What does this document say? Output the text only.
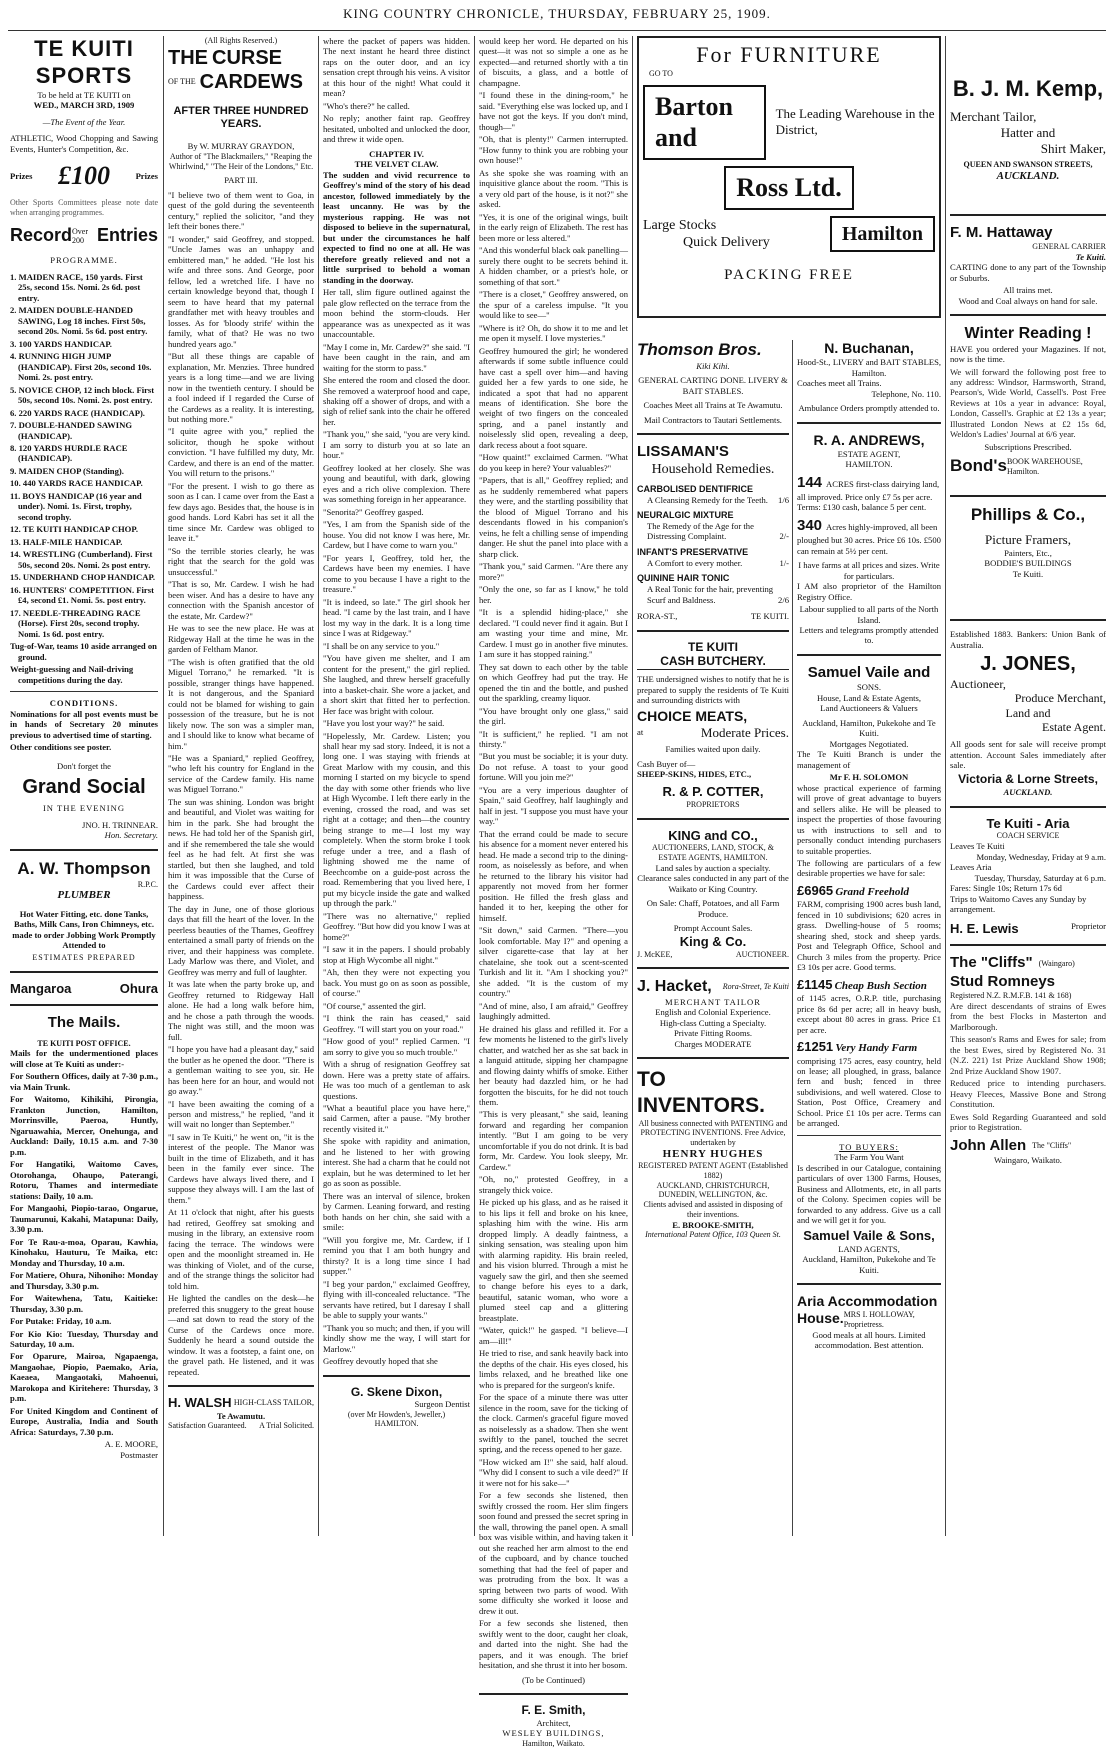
KING COUNTRY CHRONICLE, THURSDAY, FEBRUARY 25, 1909.
TE KUITI SPORTS
To be held at TE KUITI on
WED., MARCH 3RD, 1909
—The Event of the Year.

ATHLETIC, Wood Chopping and Sawing Events, Hunter's Competition, &c.

Prizes £100	Prizes

Other Sports Committees please note date when arranging programmes.

Record Over 200 Entries
PROGRAMME.

1. MAIDEN RACE, 150 yards. First 25s, second 15s. Nomi. 2s 6d. post entry.

2. MAIDEN DOUBLE-HANDED SAWING, Log 18 inches. First 50s, second 20s. Nomi. 5s 6d. post entry.

3. 100 YARDS HANDICAP.

4. RUNNING HIGH JUMP (HANDICAP). First 20s, second 10s. Nomi. 2s. post entry.

5. NOVICE CHOP, 12 inch block. First 50s, second 10s. Nomi. 2s. post entry.

6. 220 YARDS RACE (HANDICAP).

7. DOUBLE-HANDED SAWING (HANDICAP).

8. 120 YARDS HURDLE RACE (HANDICAP).

9. MAIDEN CHOP (Standing).

10. 440 YARDS RACE HANDICAP.

11. BOYS HANDICAP (16 year and under). Nomi. 1s. First, trophy, second trophy.

12. TE KUITI HANDICAP CHOP.

13. HALF-MILE HANDICAP.

14. WRESTLING (Cumberland). First 50s, second 20s. Nomi. 2s post entry.

15. UNDERHAND CHOP HANDICAP.

16. HUNTERS' COMPETITION. First £4, second £1. Nomi. 5s. post entry.

17. NEEDLE-THREADING RACE (Horse). First 20s, second trophy. Nomi. 1s 6d. post entry.

Tug-of-War, teams 10 aside arranged on ground.

Weight-guessing and Nail-driving competitions during the day.

CONDITIONS.

Nominations for all post events must be in hands of Secretary 20 minutes previous to advertised time of starting.

Other conditions see poster.

Don't forget the
Grand Social
IN THE EVENING
JNO. H. TRINNEAR.
Hon. Secretary.
A. W. Thompson
R.P.C.
PLUMBER

Hot Water Fitting, etc. done Tanks, Baths, Milk Cans, Iron Chimneys, etc. made to order Jobbing Work Promptly Attended to

ESTIMATES PREPARED
Mangaroa	Ohura
The Mails.
TE KUITI POST OFFICE.

Mails for the undermentioned places will close at Te Kuiti as under:-

For Southern Offices, daily at 7-30 p.m., via Main Trunk.

For Waitomo, Kihikihi, Pirongia, Frankton Junction, Hamilton, Morrinsville, Paeroa, Huntly, Ngaruawahia, Mercer, Onehunga, and Auckland: Daily, 10.15 a.m. and 7-30 p.m.

For Hangatiki, Waitomo Caves, Otorohanga, Ohaupo, Paterangi, Rotoru, Thames and intermediate stations: Daily, 10 a.m.

For Mangaohi, Piopio-tarao, Ongarue, Taumarunui, Kakahi, Matapuna: Daily, 3.30 p.m.

For Te Rau-a-moa, Oparau, Kawhia, Kinohaku, Hauturu, Te Maika, etc: Monday and Thursday, 10 a.m.

For Matiere, Ohura, Nihoniho: Monday and Thursday, 3.30 p.m.

For Waitewhena, Tatu, Kaitieke: Thursday, 3.30 p.m.

For Putake: Friday, 10 a.m.

For Kio Kio: Tuesday, Thursday and Saturday, 10 a.m.

For Oparure, Mairoa, Ngapaenga, Mangaohae, Piopio, Paemako, Aria, Kaeaea, Mangaotaki, Mahoenui, Marokopa and Kiritehere: Thursday, 3 p.m.

For United Kingdom and Continent of Europe, Australia, India and South Africa: Saturdays, 7.30 p.m.

A. E. MOORE,
Postmaster
(All Rights Reserved.)
THE CURSE
OF THE CARDEWS
AFTER THREE HUNDRED YEARS.
By W. MURRAY GRAYDON,
Author of "The Blackmailers," "Reaping the Whirlwind," "The Heir of the Londons," Etc.
PART III.

"I believe two of them went to Goa, in quest of the gold during the seventeenth century," replied the solicitor, "and they left their bones there."

"I wonder," said Geoffrey, and stopped. "Uncle James was an unhappy and embittered man," he added. "He lost his wife and three sons. And George, poor fellow, led a wretched life. I have no certain knowledge beyond that, though I seem to have heard that my paternal grandfather met with heavy troubles and losses. As for 'bloody strife' within the family, what of that? He was no two hundred years ago."

"But all these things are capable of explanation, Mr. Menzies. Three hundred years is a long time—and we are living now in the twentieth century. I should be a fool indeed if I regarded the Curse of the Cardews as a reality. It is interesting, but nothing more."

"I quite agree with you," replied the solicitor, though he spoke without conviction. "I have fulfilled my duty, Mr. Cardew, and there is an end of the matter. You will return to the prisons."

"For the present. I wish to go there as soon as I can. I came over from the East a few days ago. Besides that, the house is in good hands. Lord Kabri has set it all the time since Mr. Cardew was obliged to leave it."

"So the terrible stories clearly, he was right that the search for the gold was unsuccessful."

"That is so, Mr. Cardew. I wish he had been wiser. And has a desire to have any connection with the Spanish ancestor of the estate, Mr. Cardew?"

He was to see the new place. He was at Ridgeway Hall at the time he was in the garden of Feltham Manor.

"The wish is often gratified that the old Miguel Torrano," he remarked. "It is possible, stranger things have happened. It is not dangerous, and the Spaniard could not be blamed for wishing to gain possession of the treasure, but he is not likely now. The son was a simpler man, and I should like to know what became of him."

"He was a Spaniard," replied Geoffrey, "who left his country for England in the service of the Cardew family. His name was Miguel Torrano."

The sun was shining. London was bright and beautiful, and Violet was waiting for him in the park. She had brought the news. He had told her of the Spanish girl, and if she remembered the tale she would feel as he had felt. At first she was startled, but then she laughed, and told him it was impossible that the Curse of the Cardews could ever affect their happiness.

The day in June, one of those glorious days that fill the heart of the lover. In the peerless beauties of the Thames, Geoffrey entertained a small party of friends on the river, and their happiness was complete. Lady Marlow was there, and Violet, and Geoffrey was merry and full of laughter.

It was late when the party broke up, and Geoffrey returned to Ridgeway Hall alone. He had a long walk before him, and he chose a path through the woods. The night was still, and the moon was full.

"I hope you have had a pleasant day," said the butler as he opened the door. "There is a gentleman waiting to see you, sir. He has been here for an hour, and would not go away."

"I have been awaiting the coming of a person and mistress," he replied, "and it will wait no longer than September."

"I saw in Te Kuiti," he went on, "it is the interest of the people. The Manor was built in the time of Elizabeth, and it has been in the family ever since. The Cardews have always lived there, and I suppose they always will. I am the last of them."

At 11 o'clock that night, after his guests had retired, Geoffrey sat smoking and musing in the library, an extensive room facing the terrace. The windows were open and the moonlight streamed in. He was thinking of Violet, and of the curse, and of the strange things the solicitor had told him.

He lighted the candles on the desk—he preferred this snuggery to the great house—and sat down to read the story of the Curse of the Cardews once more. Suddenly he heard a sound outside the window. It was a footstep, a faint one, on the gravel path. He listened, and it was repeated.

H. WALSH HIGH-CLASS TAILOR,
Te Awamutu.
Satisfaction Guaranteed. A Trial Solicited.

where the packet of papers was hidden. The next instant he heard three distinct raps on the outer door, and an icy sensation crept through his veins. A visitor at this hour of the night! What could it mean?

"Who's there?" he called.

No reply; another faint rap. Geoffrey hesitated, unbolted and unlocked the door, and threw it wide open.

CHAPTER IV.
THE VELVET CLAW.

The sudden and vivid recurrence to Geoffrey's mind of the story of his dead ancestor, followed immediately by the least uncanny. He was by the mysterious rapping. He was not disposed to believe in the supernatural, but under the circumstances he half expected to find no one at all. He was therefore greatly relieved and not a little surprised to behold a woman standing in the doorway.

Her tall, slim figure outlined against the pale glow reflected on the terrace from the moon behind the storm-clouds. Her appearance was as unexpected as it was unaccountable.

"May I come in, Mr. Cardew?" she said. "I have been caught in the rain, and am waiting for the storm to pass."

She entered the room and closed the door. She removed a waterproof hood and cape, shaking off a shower of drops, and with a sigh of relief sank into the chair he offered her.

"Thank you," she said, "you are very kind. I am sorry to disturb you at so late an hour."

Geoffrey looked at her closely. She was young and beautiful, with dark, glowing eyes and a rich olive complexion. There was something foreign in her appearance.

"Senorita?" Geoffrey gasped.

"Yes, I am from the Spanish side of the house. You did not know I was here, Mr. Cardew, but I have come to warn you."

"For years I, Geoffrey, told her, the Cardews have been my enemies. I have come to you because I have a right to the treasure."

"It is indeed, so late." The girl shook her head. "I came by the last train, and I have lost my way in the dark. It is a long time since I was at Ridgeway."

"I shall be on any service to you."

"You have given me shelter, and I am content for the present," the girl replied. She laughed, and threw herself gracefully into a basket-chair. She wore a jacket, and a short skirt that fitted her to perfection. Her face was bright with colour.

"Have you lost your way?" he said.

"Hopelessly, Mr. Cardew. Listen; you shall hear my sad story. Indeed, it is not a long one. I was staying with friends at Great Marlow with my cousin, and this morning I started on my bicycle to spend the day with some other friends who live at High Wycombe. I left there early in the evening, crossed the road, and was set right at a cottage; and then—the country being strange to me—I lost my way completely. When the storm broke I took refuge under a tree, and a flash of lightning showed me the name of Beechcombe on a guide-post across the road. Remembering that you lived here, I put my bicycle inside the gate and walked up through the park."

"There was no alternative," replied Geoffrey. "But how did you know I was at home?"

"I saw it in the papers. I should probably stop at High Wycombe all night."

"Ah, then they were not expecting you back. You must go on as soon as possible, of course."

"Of course," assented the girl.

"I think the rain has ceased," said Geoffrey. "I will start you on your road."

"How good of you!" replied Carmen. "I am sorry to give you so much trouble."

With a shrug of resignation Geoffrey sat down. Here was a pretty state of affairs. He was too much of a gentleman to ask questions.

"What a beautiful place you have here," said Carmen, after a pause. "My brother recently visited it."

She spoke with rapidity and animation, and he listened to her with growing interest. She had a charm that he could not explain, but he was determined to let her go as soon as possible.

There was an interval of silence, broken by Carmen. Leaning forward, and resting both hands on her chin, she said with a smile:

"Will you forgive me, Mr. Cardew, if I remind you that I am both hungry and thirsty? It is a long time since I had supper."

"I beg your pardon," exclaimed Geoffrey, flying with ill-concealed reluctance. "The servants have retired, but I daresay I shall be able to supply your wants."

"Thank you so much; and then, if you will kindly show me the way, I will start for Marlow."

Geoffrey devoutly hoped that she

G. Skene Dixon,
Surgeon Dentist
(over Mr Howden's, Jeweller,)
HAMILTON.

would keep her word. He departed on his quest—it was not so simple a one as he expected—and returned shortly with a tin of biscuits, a glass, and a bottle of champagne.

"I found these in the dining-room," he said. "Everything else was locked up, and I have not got the keys. If you don't mind, though—"

"Oh, that is plenty!" Carmen interrupted. "How funny to think you are robbing your own house!"

As she spoke she was roaming with an inquisitive glance about the room. "This is a very old part of the house, is it not?" she asked.

"Yes, it is one of the original wings, built in the early reign of Elizabeth. The rest has been more or less altered."

"And this wonderful black oak panelling—surely there ought to be secrets behind it. A hidden chamber, or a priest's hole, or something of that sort."

"There is a closet," Geoffrey answered, on the spur of a careless impulse. "It you would like to see—"

"Where is it? Oh, do show it to me and let me open it myself. I love mysteries."

Geoffrey humoured the girl; he wondered afterwards if some subtle influence could have cast a spell over him—and having guided her a few yards to one side, he indicated a spot that had no apparent means of identification. She bore the weight of two fingers on the concealed spring, and a panel instantly and noiselessly slid open, revealing a deep, dark recess about a foot square.

"How quaint!" exclaimed Carmen. "What do you keep in here? Your valuables?"

"Papers, that is all," Geoffrey replied; and as he suddenly remembered what papers they were, and the startling possibility that the blood of Miguel Torrano and his descendants flowed in his companion's veins, he felt a chilling sense of impending danger. He shut the panel into place with a sharp click.

"Thank you," said Carmen. "Are there any more?"

"Only the one, so far as I know," he told her.

"It is a splendid hiding-place," she declared. "I could never find it again. But I am wasting your time and mine, Mr. Cardew. I must go in another five minutes. I am sure it has stopped raining."

They sat down to each other by the table on which Geoffrey had put the tray. He opened the tin and the bottle, and pushed out the sparkling, creamy liquor.

"You have brought only one glass," said the girl.

"It is sufficient," he replied. "I am not thirsty."

"But you must be sociable; it is your duty. Do not refuse. A toast to your good fortune. Will you join me?"

"You are a very imperious daughter of Spain," said Geoffrey, half laughingly and half in jest. "I suppose you must have your way."

That the errand could be made to secure his absence for a moment never entered his head. He made a second trip to the dining-room, as noiselessly as before, and when he returned to the library his visitor had apparently not moved from her former position. He filled the fresh glass and handed it to her, keeping the other for himself.

"Sit down," said Carmen. "There—you look comfortable. May I?" and opening a silver cigarette-case that lay at her chatelaine, she took out a scent-scented Turkish and lit it. "Am I shocking you?" she added. "It is the custom of my country."

"And of mine, also, I am afraid," Geoffrey laughingly admitted.

He drained his glass and refilled it. For a few moments he listened to the girl's lively chatter, and watched her as she sat back in a languid attitude, sipping her champagne and flowing dainty whiffs of smoke. Either her beauty had dazzled him, or he had forgotten the biscuits, for he did not touch them.

"This is very pleasant," she said, leaning forward and regarding her companion intently. "But I am going to be very uncomfortable if you do not drink. It is bad form, Mr. Cardew. You look sleepy, Mr. Cardew."

"Oh, no," protested Geoffrey, in a strangely thick voice.

He picked up his glass, and as he raised it to his lips it fell and broke on his knee, splashing him with the wine. His arm dropped limply. A deadly faintness, a sinking sensation, was stealing upon him with alarming rapidity. His brain reeled, and his vision blurred. Through a mist he vaguely saw the girl, and then she seemed to change before his eyes to a dark, beautiful, satanic woman, who wore a plumed steel cap and a glittering breastplate.

"Water, quick!" he gasped. "I believe—I am—ill!"

He tried to rise, and sank heavily back into the depths of the chair. His eyes closed, his limbs relaxed, and he breathed like one who is prepared for the surgeon's knife.

For the space of a minute there was utter silence in the room, save for the ticking of the clock. Carmen's graceful figure moved as noiselessly as a shadow. Then she went swiftly to the panel, touched the secret spring, and the recess opened to her gaze.

"How wicked am I!" she said, half aloud. "Why did I consent to such a vile deed?" If it were not for his sake—"

For a few seconds she listened, then swiftly crossed the room. Her slim fingers soon found and pressed the secret spring in the wall, throwing the panel open. A small box was visible within, and having taken it out she reached her arm almost to the end of the cupboard, and by chance touched something that had the feel of paper and was protruding from the box. It was a spring between two parts of wood. With some difficulty she worked it loose and drew it out.

For a few seconds she listened, then swiftly went to the door, caught her cloak, and darted into the night. She had the papers, and it was enough. The brief hesitation, and she thrust it into her bosom.

(To be Continued)
F. E. Smith,
Architect,
WESLEY BUILDINGS,
Hamilton, Waikato.
For FURNITURE
GO TO
Barton and
The Leading Warehouse in the District,
Ross Ltd.
Large Stocks
Quick Delivery	Hamilton
PACKING FREE
Thomson Bros.
Kiki Kihi.
GENERAL CARTING DONE. LIVERY & BAIT STABLES.
Coaches Meet all Trains at Te Awamutu.
Mail Contractors to Tautari Settlements.
LISSAMAN'S
Household Remedies.
CARBOLISED DENTIFRICE
A Cleansing Remedy for the Teeth.	1/6
NEURALGIC MIXTURE
The Remedy of the Age for the Distressing Complaint.	2/-
INFANT'S PRESERVATIVE
A Comfort to every mother.	1/-
QUININE HAIR TONIC
A Real Tonic for the hair, preventing Scurf and Baldness.	2/6
RORA-ST.,	TE KUITI.
TE KUITI
CASH BUTCHERY.

THE undersigned wishes to notify that he is prepared to supply the residents of Te Kuiti and surrounding districts with

CHOICE MEATS,
at	Moderate Prices.
Families waited upon daily.
Cash Buyer of—
SHEEP-SKINS, HIDES, ETC.,
R. & P. COTTER,
PROPRIETORS
KING and CO.,
AUCTIONEERS, LAND, STOCK, & ESTATE AGENTS, HAMILTON.
Land sales by auction a specialty.
Clearance sales conducted in any part of the Waikato or King Country.
On Sale: Chaff, Potatoes, and all Farm Produce.
Prompt Account Sales.
King & Co.
J. McKEE,	AUCTIONEER.
J. Hacket, Rora-Street, Te Kuiti
MERCHANT TAILOR
English and Colonial Experience.
High-class Cutting a Specialty.
Private Fitting Rooms.
Charges MODERATE
TO INVENTORS.
All business connected with PATENTING and PROTECTING INVENTIONS. Free Advice, undertaken by
HENRY HUGHES
REGISTERED PATENT AGENT (Established 1882)
AUCKLAND, CHRISTCHURCH, DUNEDIN, WELLINGTON, &c.
Clients advised and assisted in disposing of their inventions.
E. BROOKE-SMITH,
International Patent Office, 103 Queen St.
N. Buchanan,
Hood-St., LIVERY and BAIT STABLES,
Hamilton.
Coaches meet all Trains.
Telephone, No. 110.
Ambulance Orders promptly attended to.
R. A. ANDREWS,
ESTATE AGENT,
HAMILTON.
144 ACRES first-class dairying land, all improved. Price only £7 5s per acre. Terms: £130 cash, balance 5 per cent.
340 Acres highly-improved, all been ploughed but 30 acres. Price £6 10s. £500 can remain at 5½ per cent.
I have farms at all prices and sizes. Write for particulars.

I AM also proprietor of the Hamilton Registry Office.

Labour supplied to all parts of the North Island.
Letters and telegrams promptly attended to.
Samuel Vaile and
SONS.
House, Land & Estate Agents,
Land Auctioneers & Valuers
Auckland, Hamilton, Pukekohe and Te Kuiti.
Mortgages Negotiated.

The Te Kuiti Branch is under the management of

Mr F. H. SOLOMON

whose practical experience of farming will prove of great advantage to buyers and sellers alike. He will be pleased to inspect the properties of those favouring us with instructions to sell and to personally conduct intending purchasers to suitable properties.

The following are particulars of a few desirable properties we have for sale:

£6965 Grand Freehold

FARM, comprising 1900 acres bush land, fenced in 10 subdivisions; 620 acres in grass. Dwelling-house of 5 rooms; shearing shed, stock and sheep yards. Post and Telegraph Office, School and Church 3 miles from the property. Price £3 10s per acre. Good terms.

£1145 Cheap Bush Section

of 1145 acres, O.R.P. title, purchasing price 8s 6d per acre; all in heavy bush, except about 80 acres in grass. Price £1 per acre.

£1251 Very Handy Farm

comprising 175 acres, easy country, held on lease; all ploughed, in grass, balance fern and bush; fenced in three subdivisions, and well watered. Close to Station, Post Office, Creamery and School. Price £1 10s per acre. Terms can be arranged.

TO BUYERS:
The Farm You Want

Is described in our Catalogue, containing particulars of over 1300 Farms, Houses, Business and Allotments, etc, in all parts of the Colony. Specimen copies will be forwarded to any address. Give us a call and we will get it for you.

Samuel Vaile & Sons,
LAND AGENTS,
Auckland, Hamilton, Pukekohe and Te Kuiti.
Aria Accommodation
House. MRS I. HOLLOWAY, Proprietress.
Good meals at all hours. Limited accommodation. Best attention.
B. J. M. Kemp,
Merchant Tailor,
Hatter and
Shirt Maker,
QUEEN AND SWANSON STREETS,
AUCKLAND.
F. M. Hattaway
GENERAL CARRIER
Te Kuiti.

CARTING done to any part of the Township or Suburbs.

All trains met.
Wood and Coal always on hand for sale.
Winter Reading !

HAVE you ordered your Magazines. If not, now is the time.

We will forward the following post free to any address: Windsor, Harmsworth, Strand, Pearson's, Wide World, Cassell's. Post Free Reviews at 10s a year in advance: Royal, London, Cassell's. Graphic at £2 13s a year; Illustrated London News at £2 15s 6d, Weldon's Ladies' Journal at 6/6 year.

Subscriptions Prescribed.
Bond's BOOK WAREHOUSE, Hamilton.
Phillips & Co.,
Picture Framers,
Painters, Etc.,
BODDIE'S BUILDINGS
Te Kuiti.

Established 1883. Bankers: Union Bank of Australia.

J. JONES,
Auctioneer,
Produce Merchant,
Land and
Estate Agent.

All goods sent for sale will receive prompt attention. Account Sales immediately after sale.

Victoria & Lorne Streets,
AUCKLAND.
Te Kuiti - Aria
COACH SERVICE
Leaves Te Kuiti
Monday, Wednesday, Friday at 9 a.m.
Leaves Aria
Tuesday, Thursday, Saturday at 6 p.m.
Fares: Single 10s; Return 17s 6d
Trips to Waitomo Caves any Sunday by arrangement.
H. E. Lewis	Proprietor
The "Cliffs" (Waingaro)
Stud Romneys
Registered N.Z. R.M.F.B. 141 & 168)

Are direct descendants of strains of Ewes from the best Flocks in Masterton and Marlborough.

This season's Rams and Ewes for sale; from the best Ewes, sired by Registered No. 31 (N.Z. 221) 1st Prize Auckland Show 1908; 2nd Prize Auckland Show 1907.

Reduced price to intending purchasers. Heavy Fleeces, Massive Bone and Strong Constitution.

Ewes Sold Regarding Guaranteed and sold prior to Registration.

John Allen The "Cliffs"
Waingaro, Waikato.
